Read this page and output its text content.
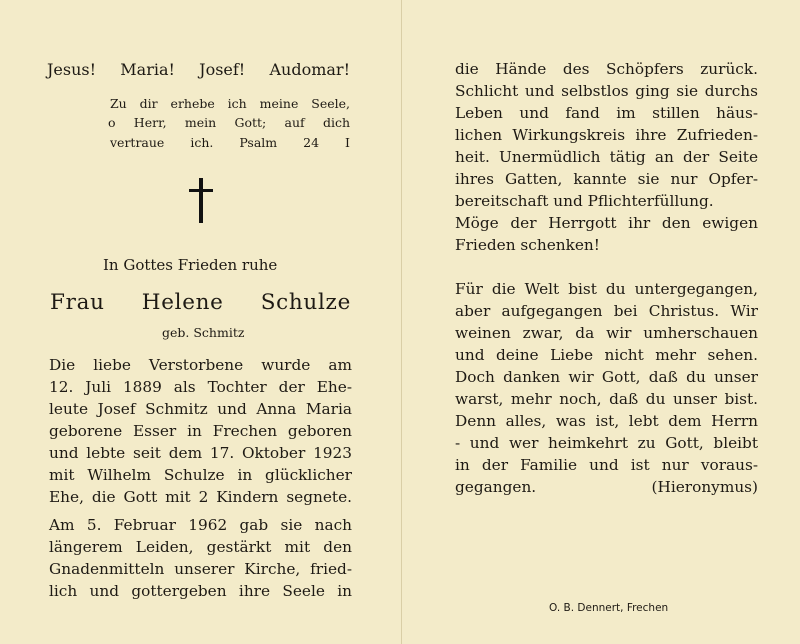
Jesus! Maria! Josef! Audomar!
Zu dir erhebe ich meine Seele,
o Herr, mein Gott; auf dich
vertraue ich. Psalm 24 I
In Gottes Frieden ruhe
Frau Helene Schulze
geb. Schmitz
Die liebe Verstorbene wurde am
12. Juli 1889 als Tochter der Ehe-
leute Josef Schmitz und Anna Maria
geborene Esser in Frechen geboren
und lebte seit dem 17. Oktober 1923
mit Wilhelm Schulze in glücklicher
Ehe, die Gott mit 2 Kindern segnete.
Am 5. Februar 1962 gab sie nach
längerem Leiden, gestärkt mit den
Gnadenmitteln unserer Kirche, fried-
lich und gottergeben ihre Seele in
die Hände des Schöpfers zurück.
Schlicht und selbstlos ging sie durchs
Leben und fand im stillen häus-
lichen Wirkungskreis ihre Zufrieden-
heit. Unermüdlich tätig an der Seite
ihres Gatten, kannte sie nur Opfer-
bereitschaft und Pflichterfüllung.
Möge der Herrgott ihr den ewigen
Frieden schenken!
Für die Welt bist du untergegangen,
aber aufgegangen bei Christus. Wir
weinen zwar, da wir umherschauen
und deine Liebe nicht mehr sehen.
Doch danken wir Gott, daß du unser
warst, mehr noch, daß du unser bist.
Denn alles, was ist, lebt dem Herrn
- und wer heimkehrt zu Gott, bleibt
in der Familie und ist nur voraus-
gegangen. (Hieronymus)
O. B. Dennert, Frechen
